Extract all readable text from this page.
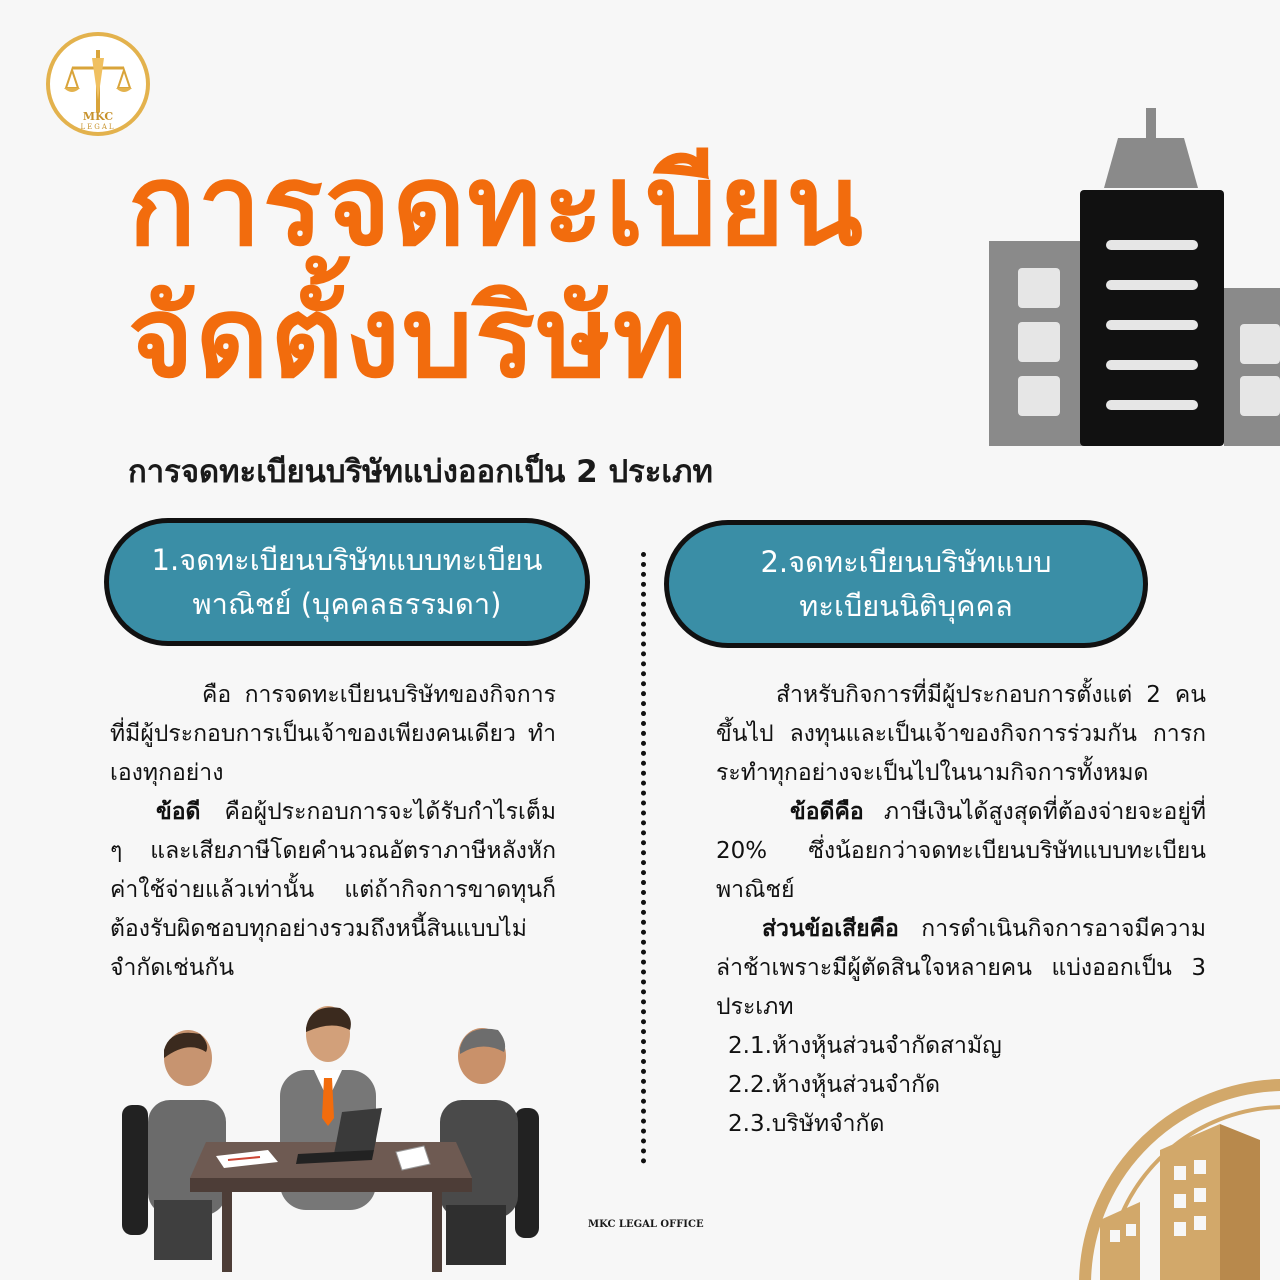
MKC
LEGAL
การจดทะเบียน
จัดตั้งบริษัท
การจดทะเบียนบริษัทแบ่งออกเป็น 2 ประเภท
1.จดทะเบียนบริษัทแบบทะเบียน
พาณิชย์ (บุคคลธรรมดา)
2.จดทะเบียนบริษัทแบบ
ทะเบียนนิติบุคคล

คือ การจดทะเบียนบริษัทของกิจการที่มีผู้ประกอบการเป็นเจ้าของเพียงคนเดียว ทำเองทุกอย่าง

ข้อดี คือผู้ประกอบการจะได้รับกำไรเต็ม ๆ และเสียภาษีโดยคำนวณอัตราภาษีหลังหักค่าใช้จ่ายแล้วเท่านั้น แต่ถ้ากิจการขาดทุนก็ต้องรับผิดชอบทุกอย่างรวมถึงหนี้สินแบบไม่จำกัดเช่นกัน

สำหรับกิจการที่มีผู้ประกอบการตั้งแต่ 2 คนขึ้นไป ลงทุนและเป็นเจ้าของกิจการร่วมกัน การกระทำทุกอย่างจะเป็นไปในนามกิจการทั้งหมด

ข้อดีคือ ภาษีเงินได้สูงสุดที่ต้องจ่ายจะอยู่ที่ 20% ซึ่งน้อยกว่าจดทะเบียนบริษัทแบบทะเบียนพาณิชย์

ส่วนข้อเสียคือ การดำเนินกิจการอาจมีความล่าช้าเพราะมีผู้ตัดสินใจหลายคน แบ่งออกเป็น 3 ประเภท

2.1.ห้างหุ้นส่วนจำกัดสามัญ

2.2.ห้างหุ้นส่วนจำกัด

2.3.บริษัทจำกัด

MKC LEGAL OFFICE
